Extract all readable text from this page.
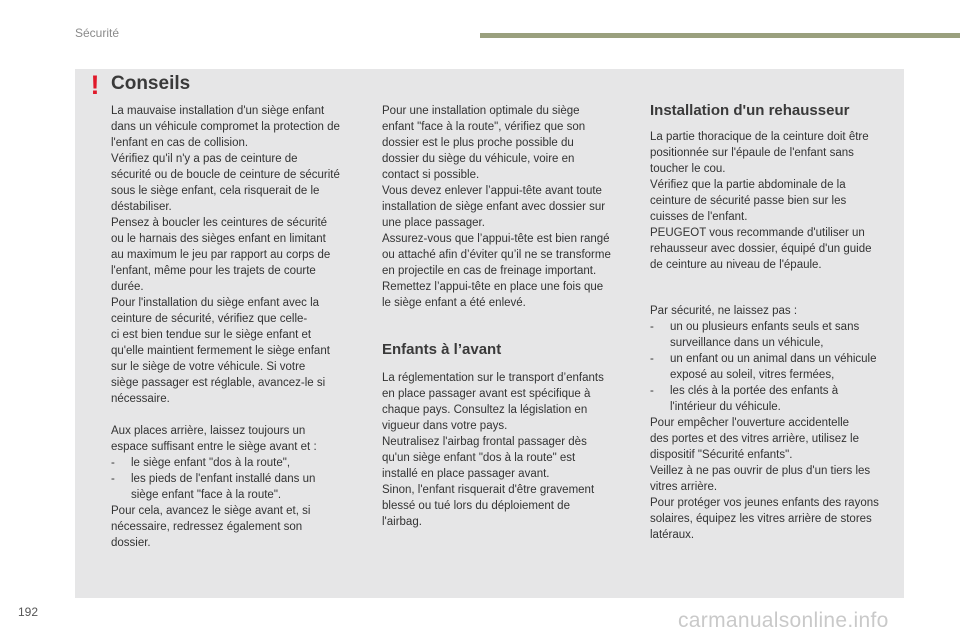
Sécurité
! Conseils

La mauvaise installation d'un siège enfant
dans un véhicule compromet la protection de
l'enfant en cas de collision.
Vérifiez qu'il n'y a pas de ceinture de
sécurité ou de boucle de ceinture de sécurité
sous le siège enfant, cela risquerait de le
déstabiliser.
Pensez à boucler les ceintures de sécurité
ou le harnais des sièges enfant en limitant
au maximum le jeu par rapport au corps de
l'enfant, même pour les trajets de courte
durée.
Pour l'installation du siège enfant avec la
ceinture de sécurité, vérifiez que celle-
ci est bien tendue sur le siège enfant et
qu'elle maintient fermement le siège enfant
sur le siège de votre véhicule. Si votre
siège passager est réglable, avancez-le si
nécessaire.

Aux places arrière, laissez toujours un
espace suffisant entre le siège avant et :

- le siège enfant "dos à la route",

- les pieds de l'enfant installé dans un
siège enfant "face à la route".

Pour cela, avancez le siège avant et, si
nécessaire, redressez également son
dossier.

Pour une installation optimale du siège
enfant "face à la route", vérifiez que son
dossier est le plus proche possible du
dossier du siège du véhicule, voire en
contact si possible.
Vous devez enlever l’appui-tête avant toute
installation de siège enfant avec dossier sur
une place passager.
Assurez-vous que l’appui-tête est bien rangé
ou attaché afin d’éviter qu’il ne se transforme
en projectile en cas de freinage important.
Remettez l’appui-tête en place une fois que
le siège enfant a été enlevé.

Enfants à l’avant

La réglementation sur le transport d’enfants
en place passager avant est spécifique à
chaque pays. Consultez la législation en
vigueur dans votre pays.
Neutralisez l'airbag frontal passager dès
qu'un siège enfant "dos à la route" est
installé en place passager avant.
Sinon, l'enfant risquerait d'être gravement
blessé ou tué lors du déploiement de
l'airbag.

Installation d'un rehausseur

La partie thoracique de la ceinture doit être
positionnée sur l'épaule de l'enfant sans
toucher le cou.
Vérifiez que la partie abdominale de la
ceinture de sécurité passe bien sur les
cuisses de l'enfant.
PEUGEOT vous recommande d'utiliser un
rehausseur avec dossier, équipé d'un guide
de ceinture au niveau de l'épaule.

Par sécurité, ne laissez pas :

- un ou plusieurs enfants seuls et sans
surveillance dans un véhicule,

- un enfant ou un animal dans un véhicule
exposé au soleil, vitres fermées,

- les clés à la portée des enfants à
l'intérieur du véhicule.

Pour empêcher l'ouverture accidentelle
des portes et des vitres arrière, utilisez le
dispositif "Sécurité enfants".
Veillez à ne pas ouvrir de plus d'un tiers les
vitres arrière.
Pour protéger vos jeunes enfants des rayons
solaires, équipez les vitres arrière de stores
latéraux.

192	carmanualsonline.info
